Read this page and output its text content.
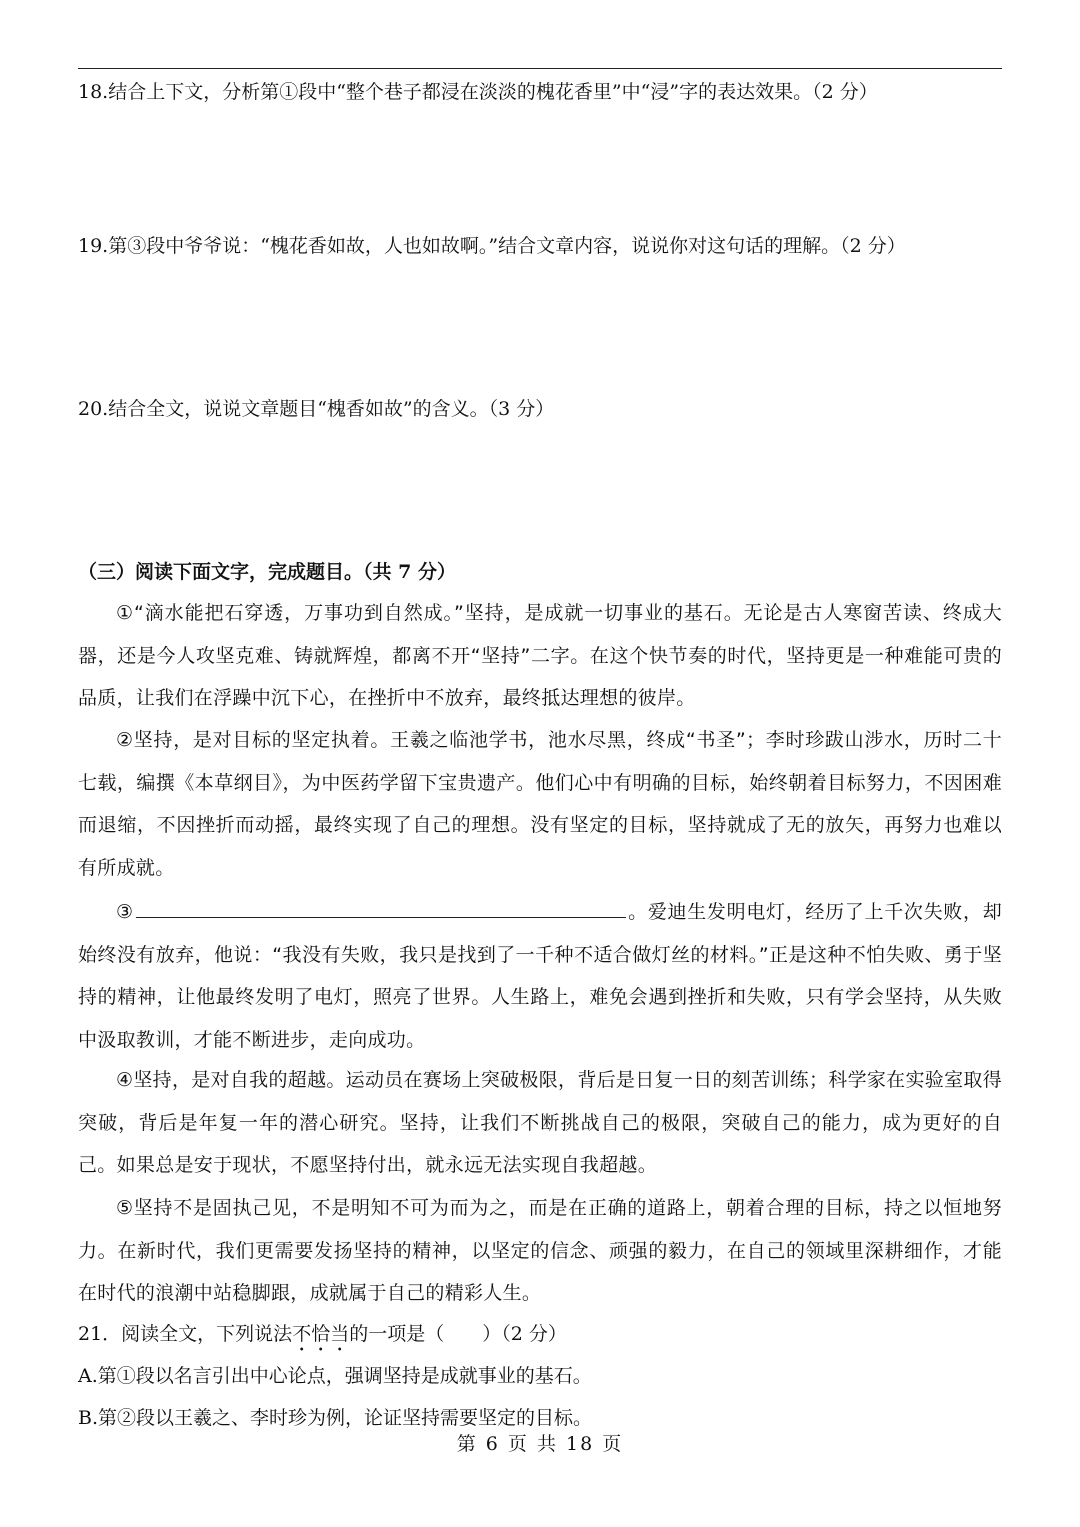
18.结合上下文，分析第①段中“整个巷子都浸在淡淡的槐花香里”中“浸”字的表达效果。（2 分）
19.第③段中爷爷说：“槐花香如故，人也如故啊。”结合文章内容，说说你对这句话的理解。（2 分）
20.结合全文，说说文章题目“槐香如故”的含义。（3 分）
（三）阅读下面文字，完成题目。（共 7 分）
①“滴水能把石穿透，万事功到自然成。”坚持，是成就一切事业的基石。无论是古人寒窗苦读、终成大器，还是今人攻坚克难、铸就辉煌，都离不开“坚持”二字。在这个快节奏的时代，坚持更是一种难能可贵的品质，让我们在浮躁中沉下心，在挫折中不放弃，最终抵达理想的彼岸。
②坚持，是对目标的坚定执着。王羲之临池学书，池水尽黑，终成“书圣”；李时珍跋山涉水，历时二十七载，编撰《本草纲目》，为中医药学留下宝贵遗产。他们心中有明确的目标，始终朝着目标努力，不因困难而退缩，不因挫折而动摇，最终实现了自己的理想。没有坚定的目标，坚持就成了无的放矢，再努力也难以有所成就。
③	。爱迪生发明电灯，经历了上千次失败，却始终没有放弃，他说：“我没有失败，我只是找到了一千种不适合做灯丝的材料。”正是这种不怕失败、勇于坚持的精神，让他最终发明了电灯，照亮了世界。人生路上，难免会遇到挫折和失败，只有学会坚持，从失败中汲取教训，才能不断进步，走向成功。
④坚持，是对自我的超越。运动员在赛场上突破极限，背后是日复一日的刻苦训练；科学家在实验室取得突破，背后是年复一年的潜心研究。坚持，让我们不断挑战自己的极限，突破自己的能力，成为更好的自己。如果总是安于现状，不愿坚持付出，就永远无法实现自我超越。
⑤坚持不是固执己见，不是明知不可为而为之，而是在正确的道路上，朝着合理的目标，持之以恒地努力。在新时代，我们更需要发扬坚持的精神，以坚定的信念、顽强的毅力，在自己的领域里深耕细作，才能在时代的浪潮中站稳脚跟，成就属于自己的精彩人生。
21．阅读全文，下列说法不恰当的一项是（　　）（2 分）
A.第①段以名言引出中心论点，强调坚持是成就事业的基石。
B.第②段以王羲之、李时珍为例，论证坚持需要坚定的目标。
第 6 页 共 18 页
